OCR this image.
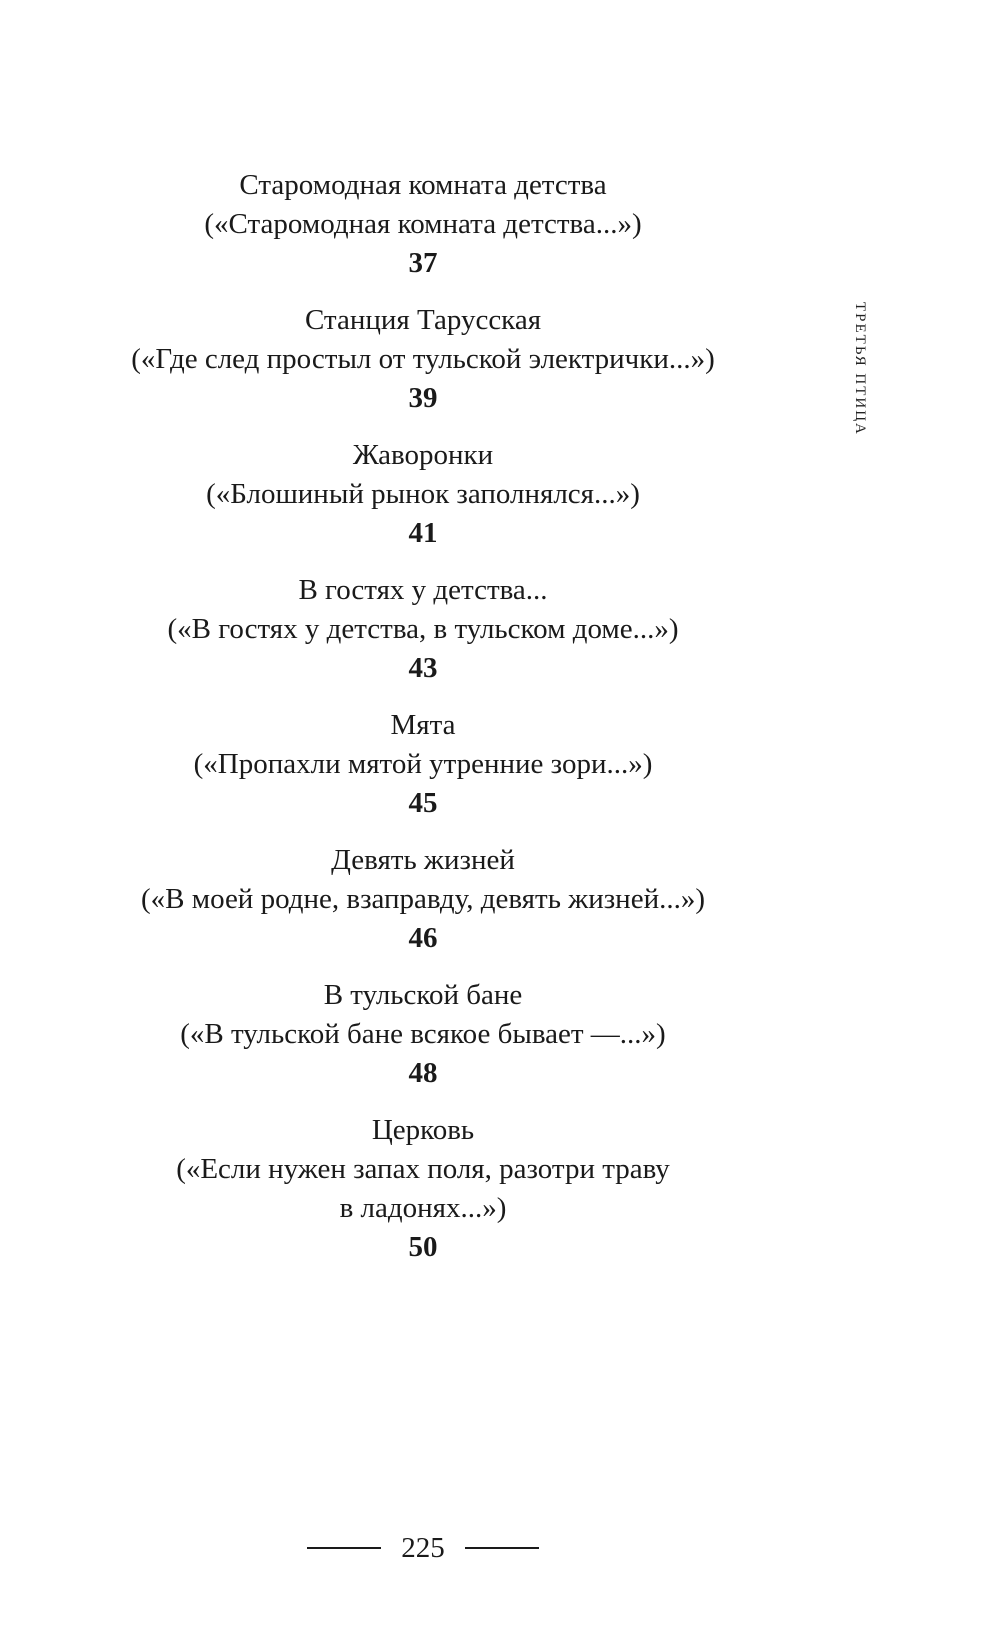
ТРЕТЬЯ ПТИЦА
Старомодная комната детства
(«Старомодная комната детства...»)
37
Станция Тарусская
(«Где след простыл от тульской электрички...»)
39
Жаворонки
(«Блошиный рынок заполнялся...»)
41
В гостях у детства...
(«В гостях у детства, в тульском доме...»)
43
Мята
(«Пропахли мятой утренние зори...»)
45
Девять жизней
(«В моей родне, взаправду, девять жизней...»)
46
В тульской бане
(«В тульской бане всякое бывает —...»)
48
Церковь
(«Если нужен запах поля, разотри траву
в ладонях...»)
50
225
